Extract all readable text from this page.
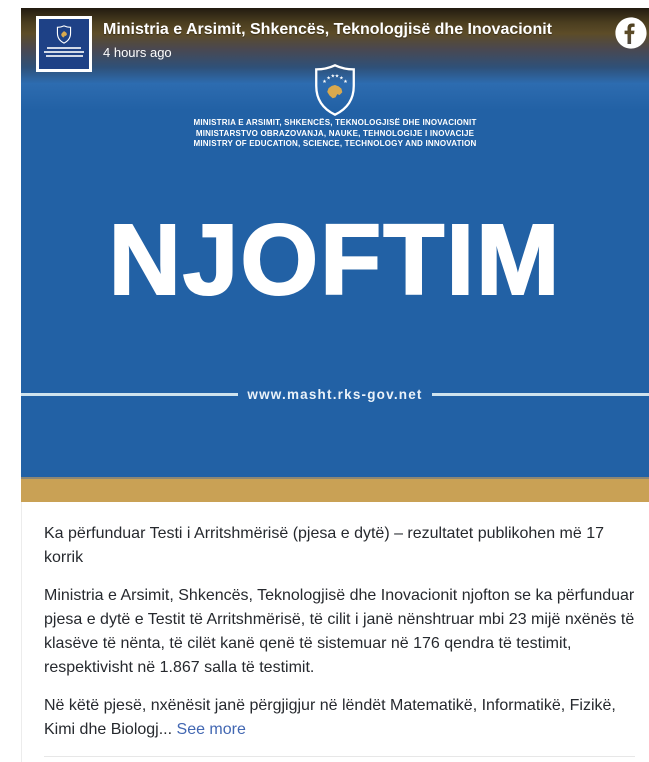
Ministria e Arsimit, Shkencës, Teknologjisë dhe Inovacionit
4 hours ago
★
★ ★ ★ ★
★
MINISTRIA E ARSIMIT, SHKENCËS, TEKNOLOGJISË DHE INOVACIONIT
MINISTARSTVO OBRAZOVANJA, NAUKE, TEHNOLOGIJE I INOVACIJE
MINISTRY OF EDUCATION, SCIENCE, TECHNOLOGY AND INNOVATION
NJOFTIM
www.masht.rks-gov.net

Ka përfunduar Testi i Arritshmërisë (pjesa e dytë) – rezultatet publikohen më 17 korrik

Ministria e Arsimit, Shkencës, Teknologjisë dhe Inovacionit njofton se ka përfunduar pjesa e dytë e Testit të Arritshmërisë, të cilit i janë nënshtruar mbi 23 mijë nxënës të klasëve të nënta, të cilët kanë qenë të sistemuar në 176 qendra të testimit, respektivisht në 1.867 salla të testimit.

Në këtë pjesë, nxënësit janë përgjigjur në lëndët Matematikë, Informatikë, Fizikë, Kimi dhe Biologj... See more
